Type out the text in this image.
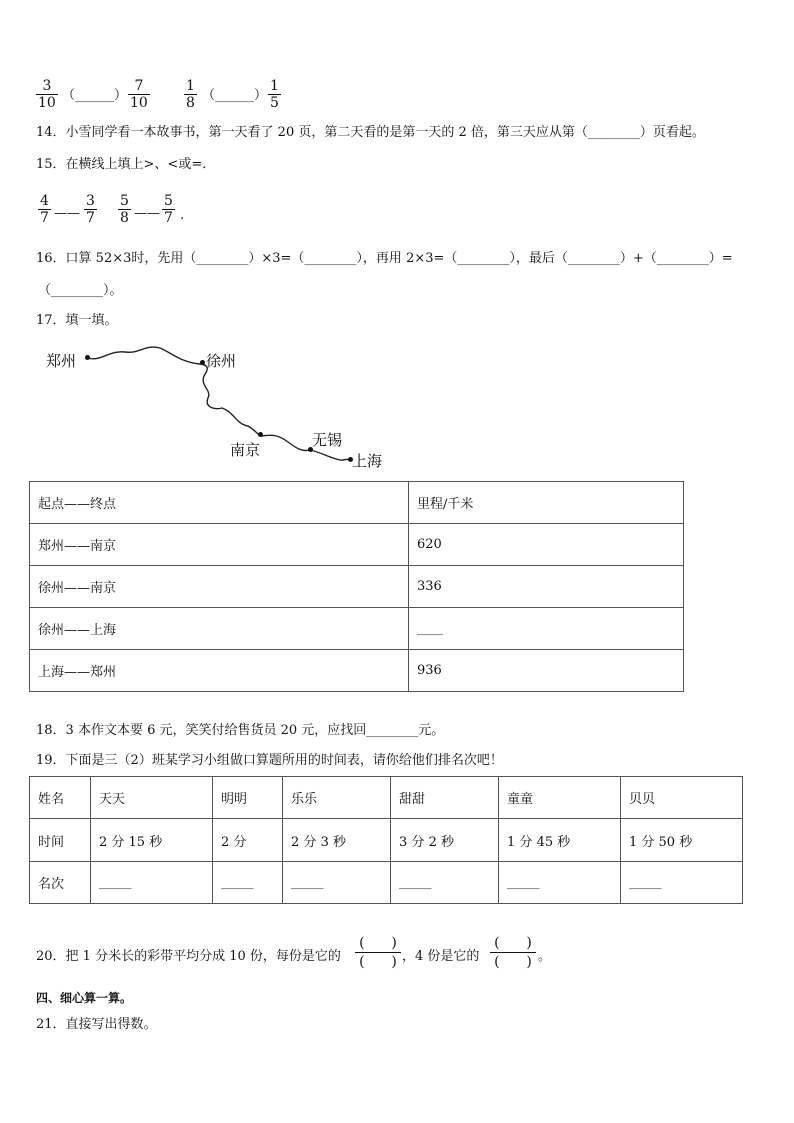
$\frac{3}{10}$ （______） $\frac{7}{10} \frac{1}{8}$ （______） $\frac{1}{5}$
14．小雪同学看一本故事书，第一天看了 20 页，第二天看的是第一天的 2 倍，第三天应从第（________）页看起。
15．在横线上填上>、<或=．
$\frac{4}{7}$ —— $\frac{3}{7} \frac{5}{8}$ —— $\frac{5}{7}$ .
16．口算 52×3时，先用（________）×3=（________），再用 2×3=（________），最后（________）+（________）=
（________）。
17．填一填。
郑州	徐州
南京
无锡
上海
起点——终点	里程/千米
郑州——南京	620
徐州——南京	336
徐州——上海	____
上海——郑州	936
18．3 本作文本要 6 元，笑笑付给售货员 20 元，应找回________元。
19．下面是三（2）班某学习小组做口算题所用的时间表，请你给他们排名次吧！
姓名	天天	明明	乐乐	甜甜	童童	贝贝
时间	2 分 15 秒	2 分	2 分 3 秒	3 分 2 秒	1 分 45 秒	1 分 50 秒
名次	_____	_____	_____	_____	_____	_____
20．把 1 分米长的彩带平均分成 10 份，每份是它的
( )
( ) ，4 份是它的
( )
( ) 。
四、细心算一算。
21．直接写出得数。
